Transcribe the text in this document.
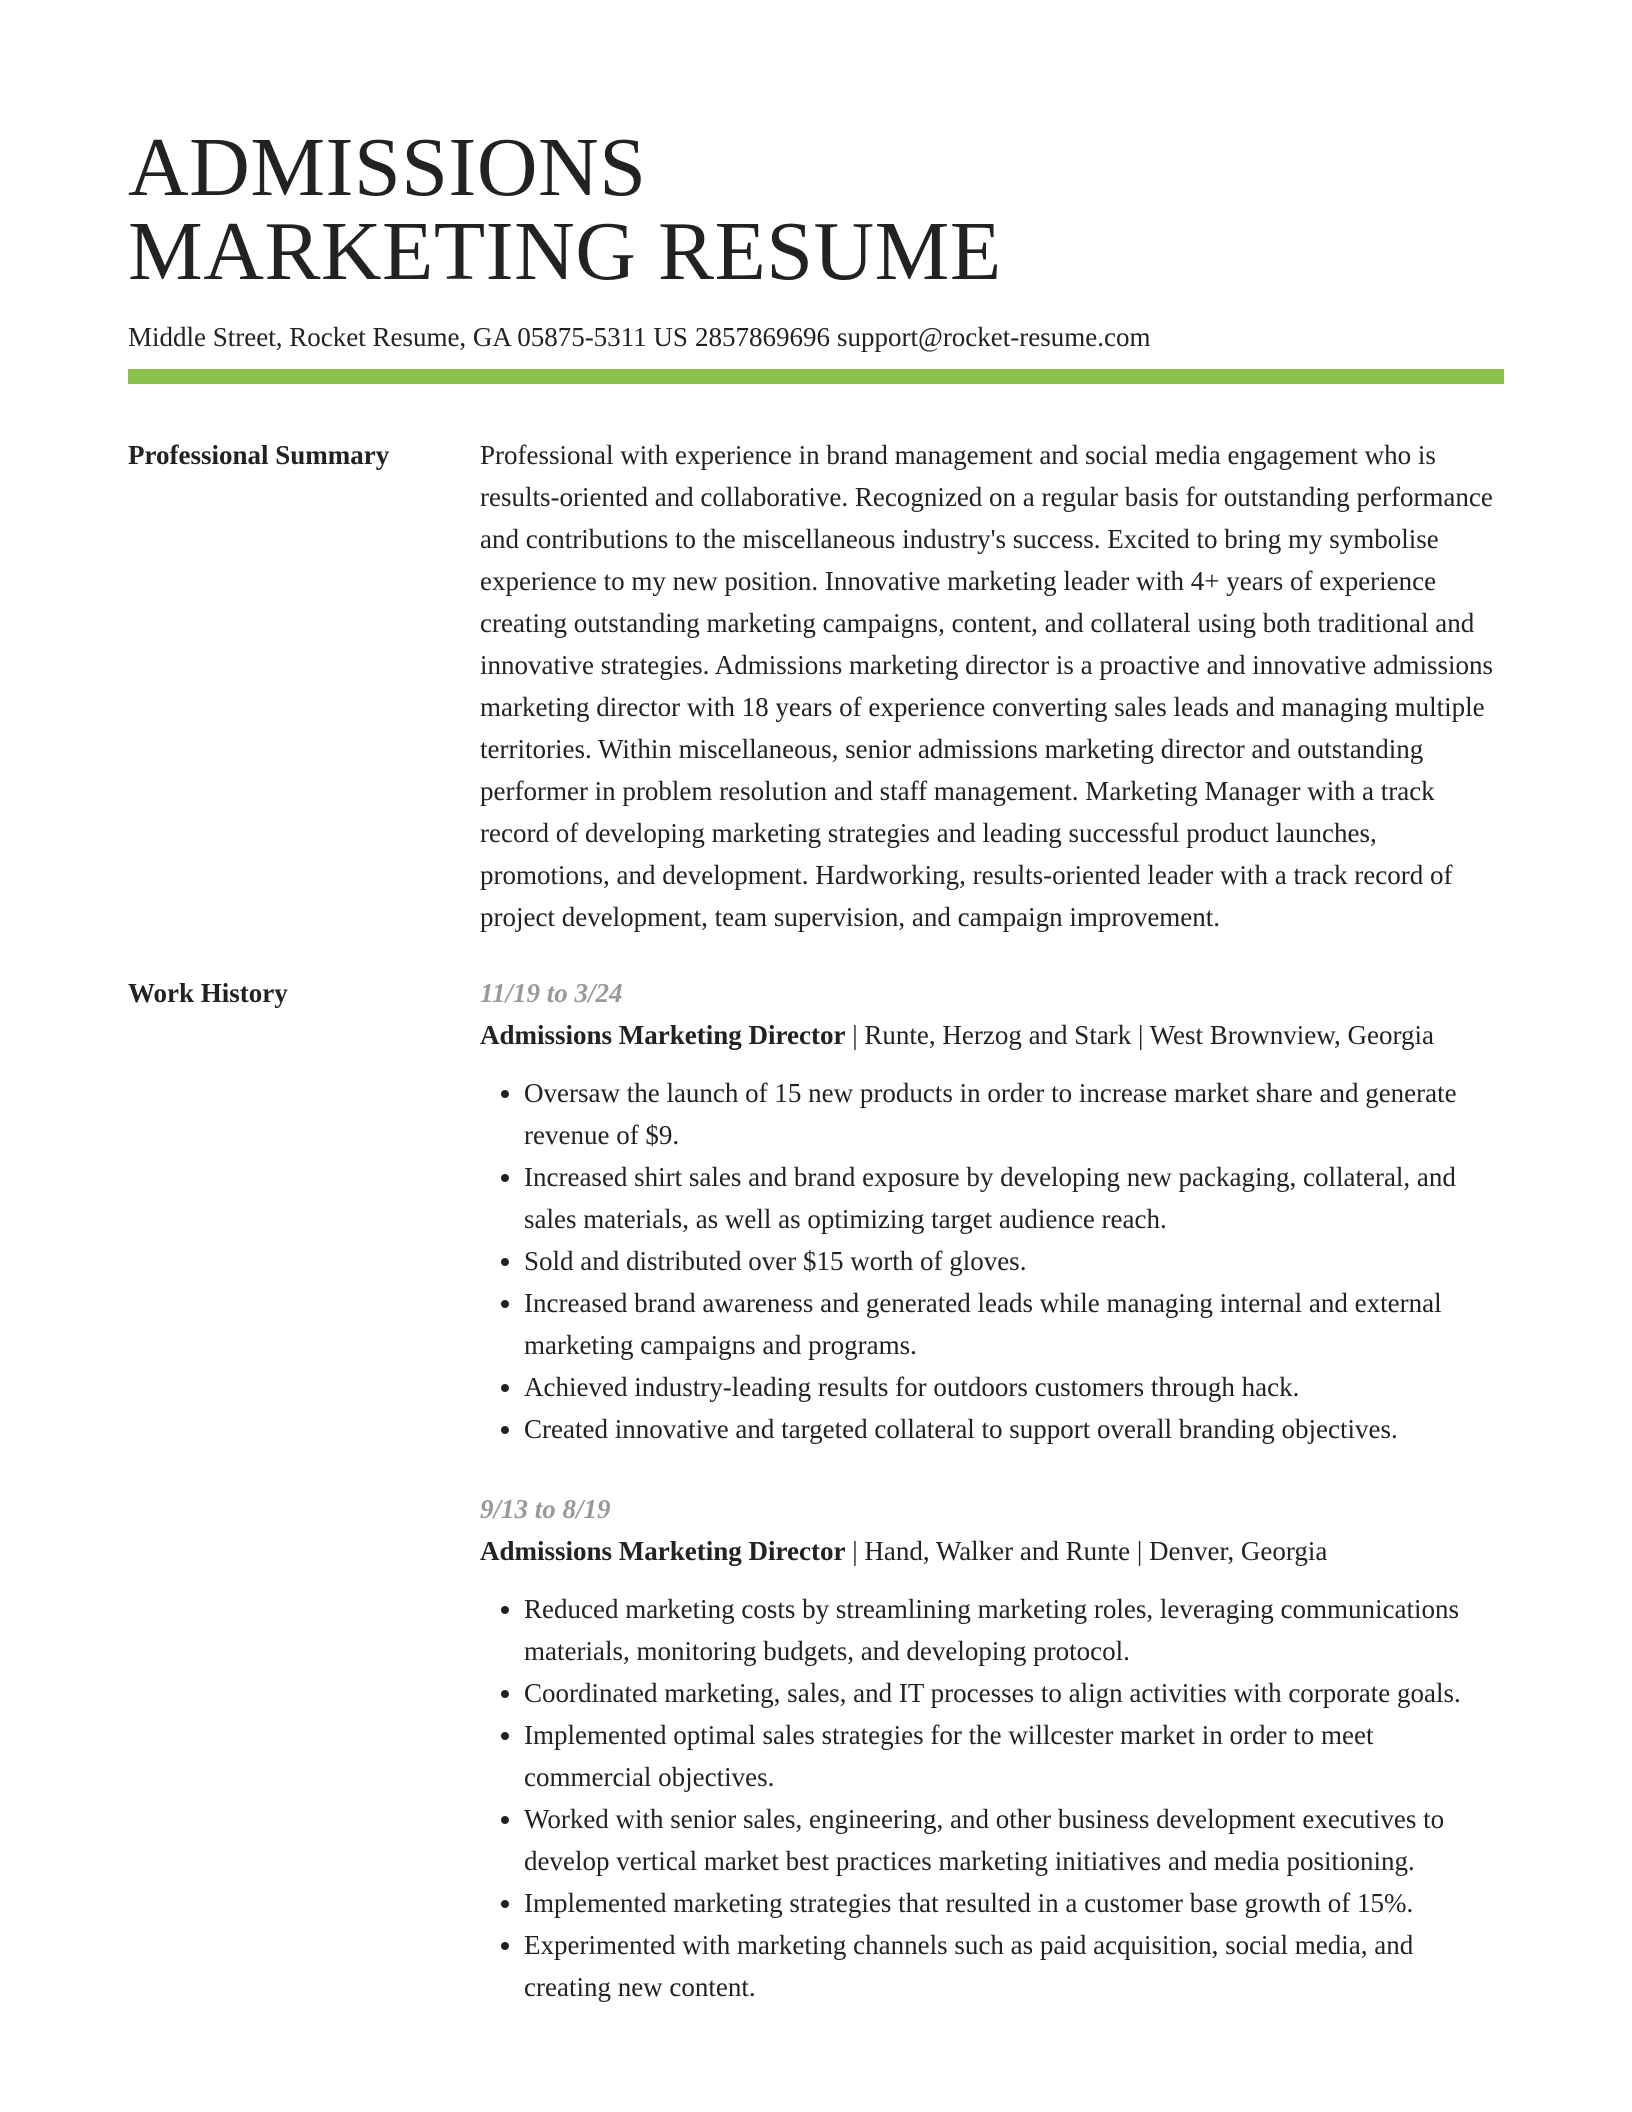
ADMISSIONS
MARKETING RESUME
Middle Street, Rocket Resume, GA 05875-5311 US 2857869696 support@rocket-resume.com
Professional Summary	Professional with experience in brand management and social media engagement who is results-oriented and collaborative. Recognized on a regular basis for outstanding performance and contributions to the miscellaneous industry's success. Excited to bring my symbolise experience to my new position. Innovative marketing leader with 4+ years of experience creating outstanding marketing campaigns, content, and collateral using both traditional and innovative strategies. Admissions marketing director is a proactive and innovative admissions marketing director with 18 years of experience converting sales leads and managing multiple territories. Within miscellaneous, senior admissions marketing director and outstanding performer in problem resolution and staff management. Marketing Manager with a track record of developing marketing strategies and leading successful product launches, promotions, and development. Hardworking, results-oriented leader with a track record of project development, team supervision, and campaign improvement.

Work History	11/19 to 3/24
Admissions Marketing Director | Runte, Herzog and Stark | West Brownview, Georgia
• Oversaw the launch of 15 new products in order to increase market share and generate revenue of $9.
• Increased shirt sales and brand exposure by developing new packaging, collateral, and sales materials, as well as optimizing target audience reach.
• Sold and distributed over $15 worth of gloves.
• Increased brand awareness and generated leads while managing internal and external marketing campaigns and programs.
• Achieved industry-leading results for outdoors customers through hack.
• Created innovative and targeted collateral to support overall branding objectives.
9/13 to 8/19
Admissions Marketing Director | Hand, Walker and Runte | Denver, Georgia
• Reduced marketing costs by streamlining marketing roles, leveraging communications materials, monitoring budgets, and developing protocol.
• Coordinated marketing, sales, and IT processes to align activities with corporate goals.
• Implemented optimal sales strategies for the willcester market in order to meet commercial objectives.
• Worked with senior sales, engineering, and other business development executives to develop vertical market best practices marketing initiatives and media positioning.
• Implemented marketing strategies that resulted in a customer base growth of 15%.
• Experimented with marketing channels such as paid acquisition, social media, and creating new content.
